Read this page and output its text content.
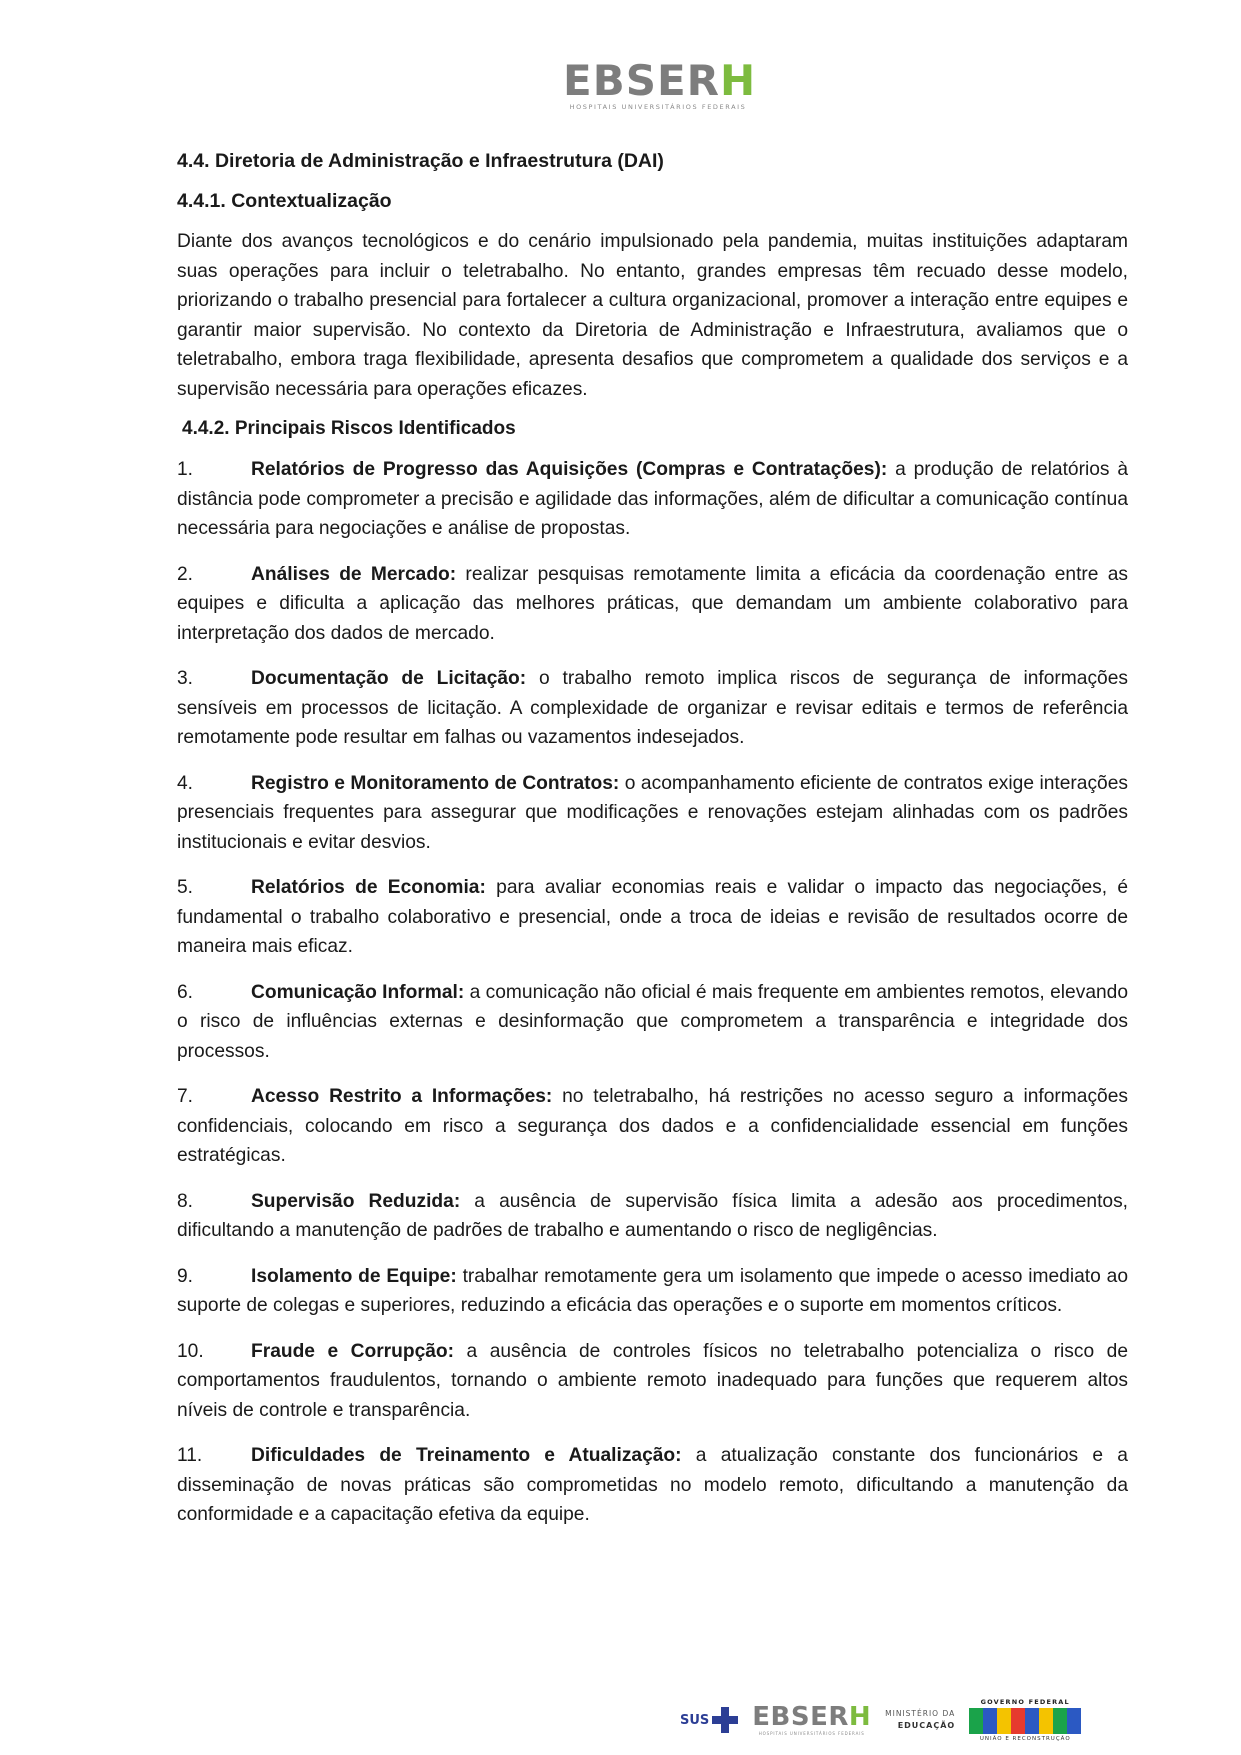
EBSERH
HOSPITAIS UNIVERSITÁRIOS FEDERAIS
4.4. Diretoria de Administração e Infraestrutura (DAI)
4.4.1. Contextualização

Diante dos avanços tecnológicos e do cenário impulsionado pela pandemia, muitas instituições adaptaram suas operações para incluir o teletrabalho. No entanto, grandes empresas têm recuado desse modelo, priorizando o trabalho presencial para fortalecer a cultura organizacional, promover a interação entre equipes e garantir maior supervisão. No contexto da Diretoria de Administração e Infraestrutura, avaliamos que o teletrabalho, embora traga flexibilidade, apresenta desafios que comprometem a qualidade dos serviços e a supervisão necessária para operações eficazes.

4.4.2. Principais Riscos Identificados

1.	Relatórios de Progresso das Aquisições (Compras e Contratações): a produção de relatórios à distância pode comprometer a precisão e agilidade das informações, além de dificultar a comunicação contínua necessária para negociações e análise de propostas.

2.	Análises de Mercado: realizar pesquisas remotamente limita a eficácia da coordenação entre as equipes e dificulta a aplicação das melhores práticas, que demandam um ambiente colaborativo para interpretação dos dados de mercado.

3.	Documentação de Licitação: o trabalho remoto implica riscos de segurança de informações sensíveis em processos de licitação. A complexidade de organizar e revisar editais e termos de referência remotamente pode resultar em falhas ou vazamentos indesejados.

4.	Registro e Monitoramento de Contratos: o acompanhamento eficiente de contratos exige interações presenciais frequentes para assegurar que modificações e renovações estejam alinhadas com os padrões institucionais e evitar desvios.

5.	Relatórios de Economia: para avaliar economias reais e validar o impacto das negociações, é fundamental o trabalho colaborativo e presencial, onde a troca de ideias e revisão de resultados ocorre de maneira mais eficaz.

6.	Comunicação Informal: a comunicação não oficial é mais frequente em ambientes remotos, elevando o risco de influências externas e desinformação que comprometem a transparência e integridade dos processos.

7.	Acesso Restrito a Informações: no teletrabalho, há restrições no acesso seguro a informações confidenciais, colocando em risco a segurança dos dados e a confidencialidade essencial em funções estratégicas.

8.	Supervisão Reduzida: a ausência de supervisão física limita a adesão aos procedimentos, dificultando a manutenção de padrões de trabalho e aumentando o risco de negligências.

9.	Isolamento de Equipe: trabalhar remotamente gera um isolamento que impede o acesso imediato ao suporte de colegas e superiores, reduzindo a eficácia das operações e o suporte em momentos críticos.

10. Fraude e Corrupção: a ausência de controles físicos no teletrabalho potencializa o risco de comportamentos fraudulentos, tornando o ambiente remoto inadequado para funções que requerem altos níveis de controle e transparência.

11.	Dificuldades de Treinamento e Atualização: a atualização constante dos funcionários e a disseminação de novas práticas são comprometidas no modelo remoto, dificultando a manutenção da conformidade e a capacitação efetiva da equipe.

SUS EBSERH
HOSPITAIS UNIVERSITÁRIOS FEDERAIS
MINISTÉRIO DA
EDUCAÇÃO
GOVERNO FEDERAL
UNIÃO E RECONSTRUÇÃO
